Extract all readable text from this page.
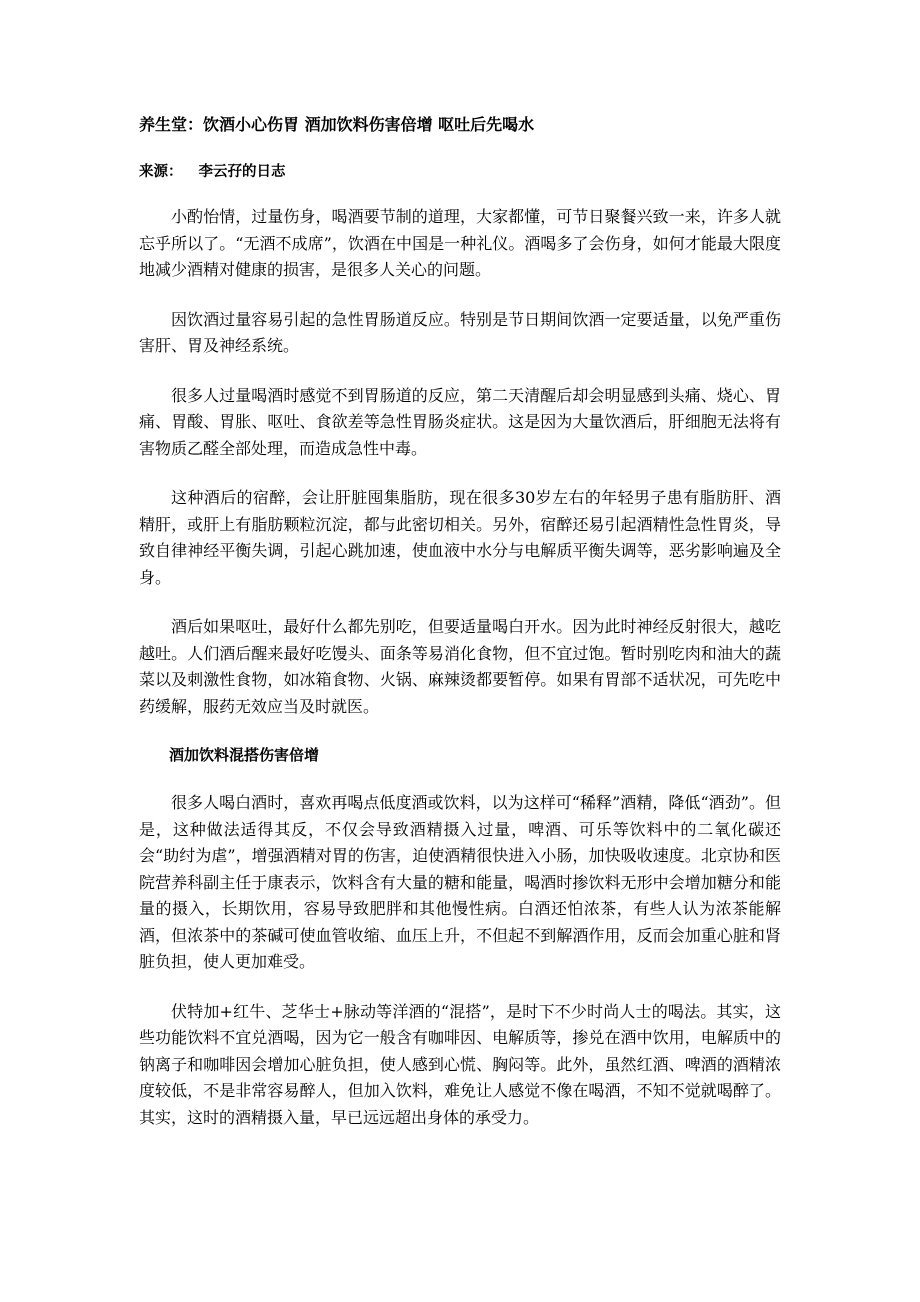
养生堂：饮酒小心伤胃 酒加饮料伤害倍增 呕吐后先喝水
来源： 李云孖的日志

小酌怡情，过量伤身，喝酒要节制的道理，大家都懂，可节日聚餐兴致一来，许多人就忘乎所以了。“无酒不成席”，饮酒在中国是一种礼仪。酒喝多了会伤身，如何才能最大限度地减少酒精对健康的损害，是很多人关心的问题。

因饮酒过量容易引起的急性胃肠道反应。特别是节日期间饮酒一定要适量，以免严重伤害肝、胃及神经系统。

很多人过量喝酒时感觉不到胃肠道的反应，第二天清醒后却会明显感到头痛、烧心、胃痛、胃酸、胃胀、呕吐、食欲差等急性胃肠炎症状。这是因为大量饮酒后，肝细胞无法将有害物质乙醛全部处理，而造成急性中毒。

这种酒后的宿醉，会让肝脏囤集脂肪，现在很多30岁左右的年轻男子患有脂肪肝、酒精肝，或肝上有脂肪颗粒沉淀，都与此密切相关。另外，宿醉还易引起酒精性急性胃炎，导致自律神经平衡失调，引起心跳加速，使血液中水分与电解质平衡失调等，恶劣影响遍及全身。

酒后如果呕吐，最好什么都先别吃，但要适量喝白开水。因为此时神经反射很大，越吃越吐。人们酒后醒来最好吃馒头、面条等易消化食物，但不宜过饱。暂时别吃肉和油大的蔬菜以及刺激性食物，如冰箱食物、火锅、麻辣烫都要暂停。如果有胃部不适状况，可先吃中药缓解，服药无效应当及时就医。

酒加饮料混搭伤害倍增

很多人喝白酒时，喜欢再喝点低度酒或饮料，以为这样可“稀释”酒精，降低“酒劲”。但是，这种做法适得其反，不仅会导致酒精摄入过量，啤酒、可乐等饮料中的二氧化碳还会“助纣为虐”，增强酒精对胃的伤害，迫使酒精很快进入小肠，加快吸收速度。北京协和医院营养科副主任于康表示，饮料含有大量的糖和能量，喝酒时掺饮料无形中会增加糖分和能量的摄入，长期饮用，容易导致肥胖和其他慢性病。白酒还怕浓茶，有些人认为浓茶能解酒，但浓茶中的茶碱可使血管收缩、血压上升，不但起不到解酒作用，反而会加重心脏和肾脏负担，使人更加难受。

伏特加+红牛、芝华士+脉动等洋酒的“混搭”，是时下不少时尚人士的喝法。其实，这些功能饮料不宜兑酒喝，因为它一般含有咖啡因、电解质等，掺兑在酒中饮用，电解质中的钠离子和咖啡因会增加心脏负担，使人感到心慌、胸闷等。此外，虽然红酒、啤酒的酒精浓度较低，不是非常容易醉人，但加入饮料，难免让人感觉不像在喝酒，不知不觉就喝醉了。其实，这时的酒精摄入量，早已远远超出身体的承受力。
